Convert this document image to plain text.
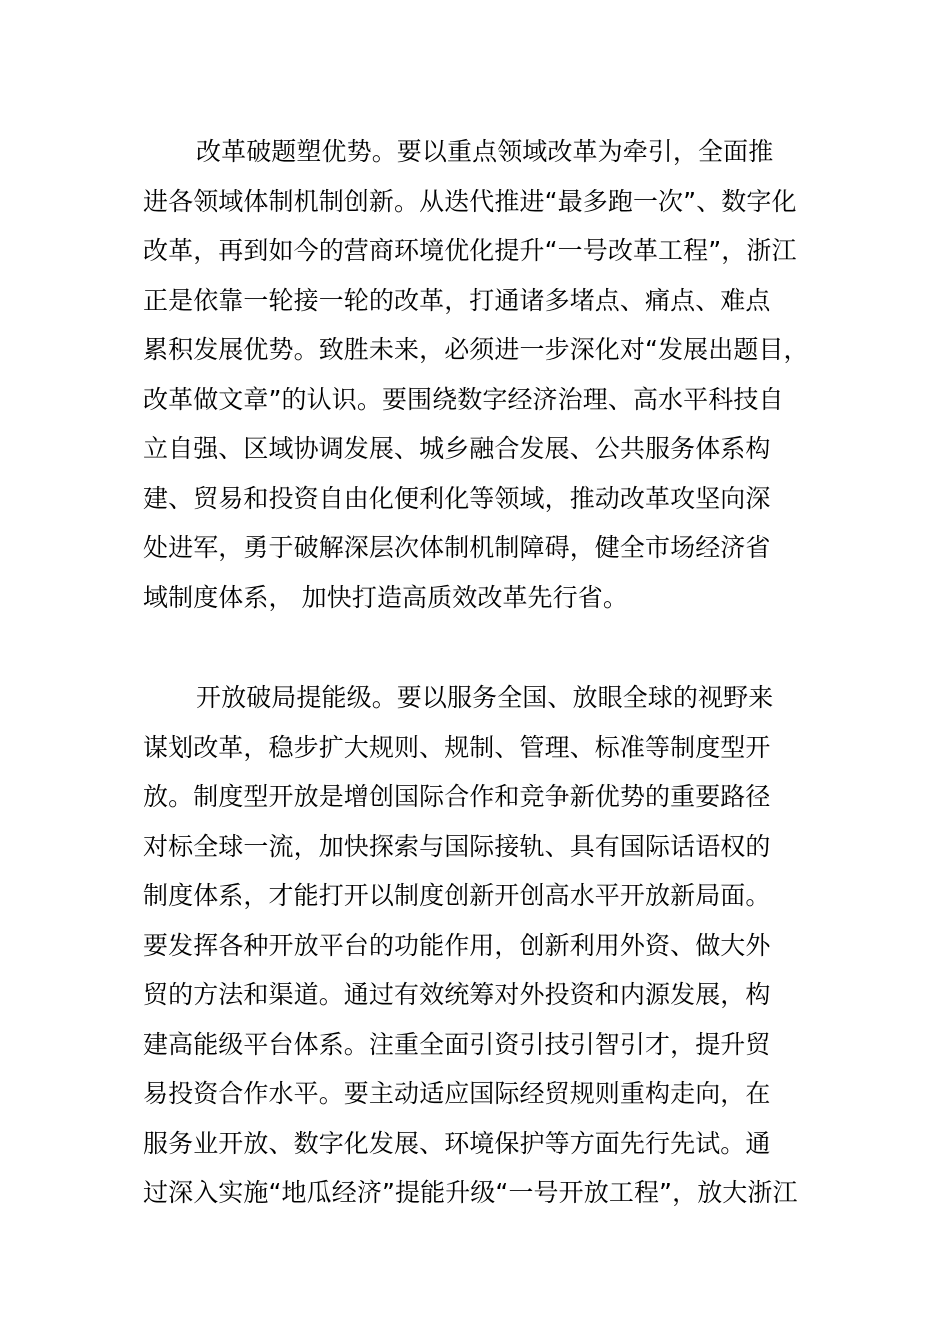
改革破题塑优势。要以重点领域改革为牵引，全面推
进各领域体制机制创新。从迭代推进“最多跑一次”、数字化
改革，再到如今的营商环境优化提升“一号改革工程”，浙江
正是依靠一轮接一轮的改革，打通诸多堵点、痛点、难点
累积发展优势。致胜未来，必须进一步深化对“发展出题目，
改革做文章”的认识。要围绕数字经济治理、高水平科技自
立自强、区域协调发展、城乡融合发展、公共服务体系构
建、贸易和投资自由化便利化等领域，推动改革攻坚向深
处进军，勇于破解深层次体制机制障碍，健全市场经济省
域制度体系， 加快打造高质效改革先行省。
开放破局提能级。要以服务全国、放眼全球的视野来
谋划改革，稳步扩大规则、规制、管理、标准等制度型开
放。制度型开放是增创国际合作和竞争新优势的重要路径
对标全球一流，加快探索与国际接轨、具有国际话语权的
制度体系，才能打开以制度创新开创高水平开放新局面。
要发挥各种开放平台的功能作用，创新利用外资、做大外
贸的方法和渠道。通过有效统筹对外投资和内源发展，构
建高能级平台体系。注重全面引资引技引智引才，提升贸
易投资合作水平。要主动适应国际经贸规则重构走向，在
服务业开放、数字化发展、环境保护等方面先行先试。通
过深入实施“地瓜经济”提能升级“一号开放工程”，放大浙江
